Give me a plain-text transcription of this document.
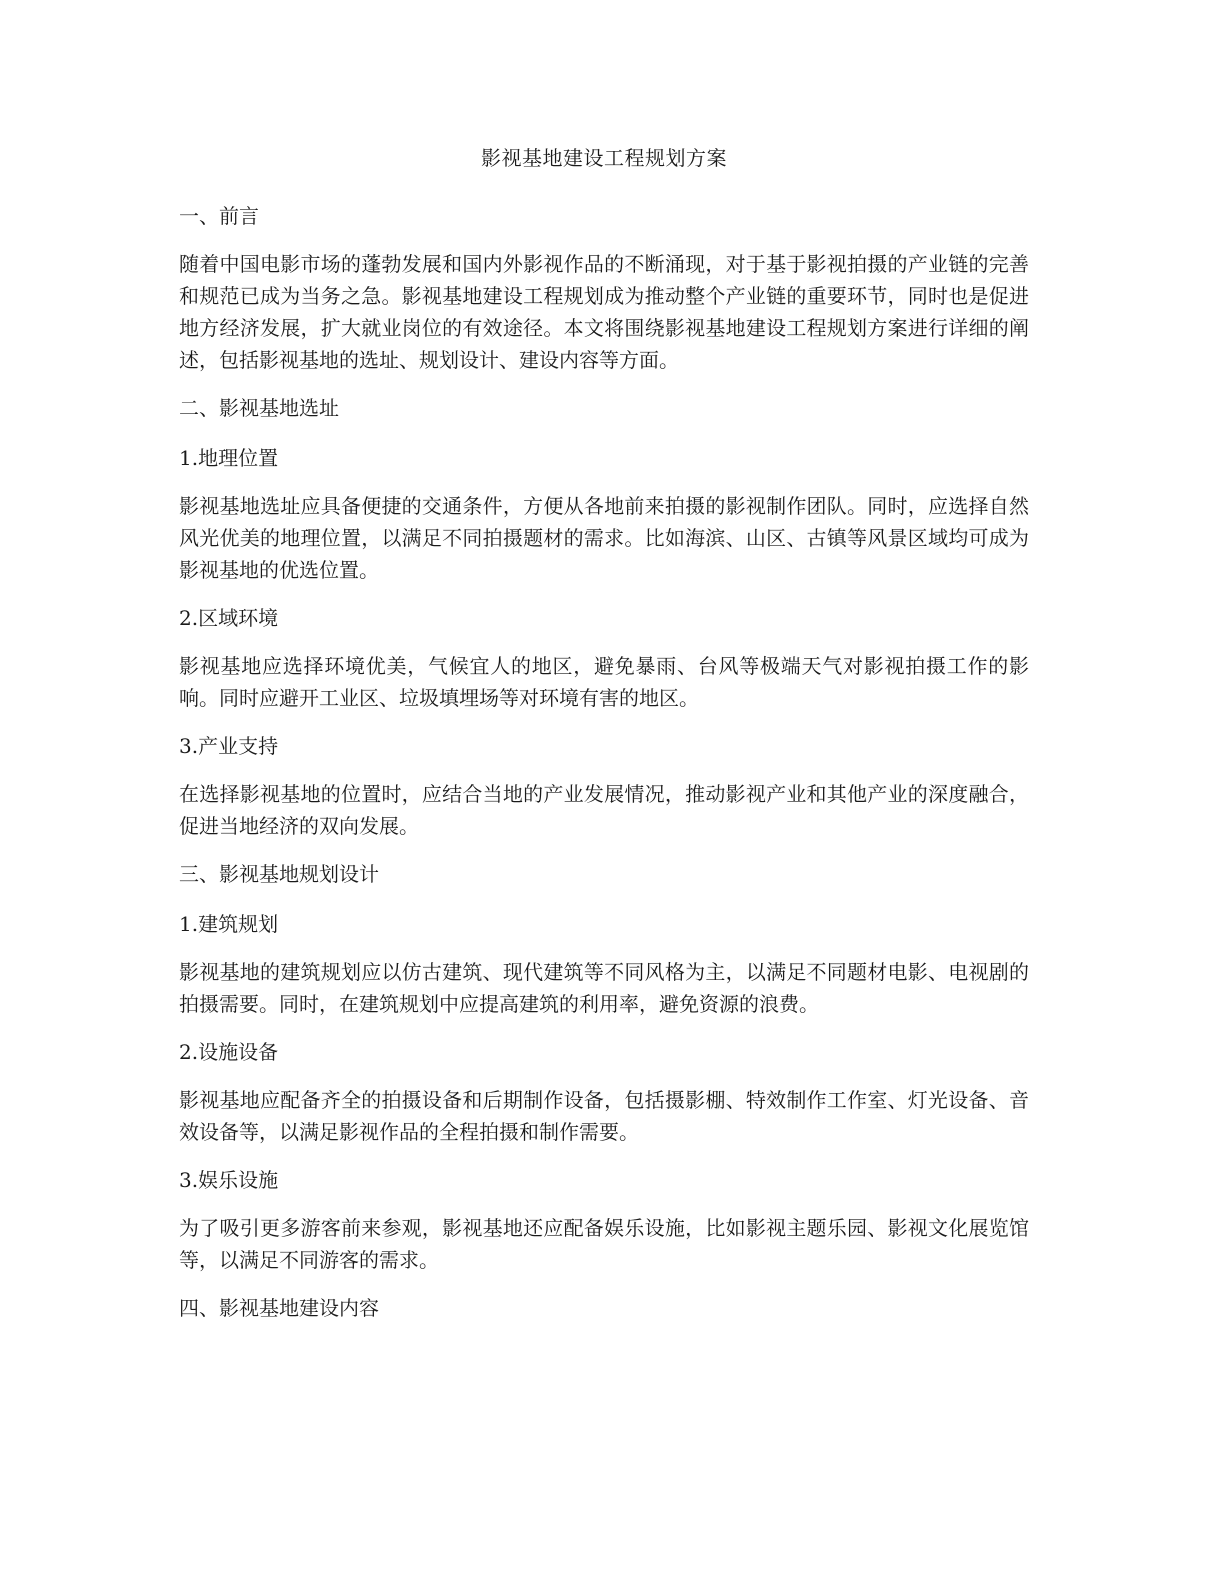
影视基地建设工程规划方案

一、前言

随着中国电影市场的蓬勃发展和国内外影视作品的不断涌现，对于基于影视拍摄的产业链的完善和规范已成为当务之急。影视基地建设工程规划成为推动整个产业链的重要环节，同时也是促进地方经济发展，扩大就业岗位的有效途径。本文将围绕影视基地建设工程规划方案进行详细的阐述，包括影视基地的选址、规划设计、建设内容等方面。

二、影视基地选址

1.地理位置

影视基地选址应具备便捷的交通条件，方便从各地前来拍摄的影视制作团队。同时，应选择自然风光优美的地理位置，以满足不同拍摄题材的需求。比如海滨、山区、古镇等风景区域均可成为影视基地的优选位置。

2.区域环境

影视基地应选择环境优美，气候宜人的地区，避免暴雨、台风等极端天气对影视拍摄工作的影响。同时应避开工业区、垃圾填埋场等对环境有害的地区。

3.产业支持

在选择影视基地的位置时，应结合当地的产业发展情况，推动影视产业和其他产业的深度融合，促进当地经济的双向发展。

三、影视基地规划设计

1.建筑规划

影视基地的建筑规划应以仿古建筑、现代建筑等不同风格为主，以满足不同题材电影、电视剧的拍摄需要。同时，在建筑规划中应提高建筑的利用率，避免资源的浪费。

2.设施设备

影视基地应配备齐全的拍摄设备和后期制作设备，包括摄影棚、特效制作工作室、灯光设备、音效设备等，以满足影视作品的全程拍摄和制作需要。

3.娱乐设施

为了吸引更多游客前来参观，影视基地还应配备娱乐设施，比如影视主题乐园、影视文化展览馆等，以满足不同游客的需求。

四、影视基地建设内容
